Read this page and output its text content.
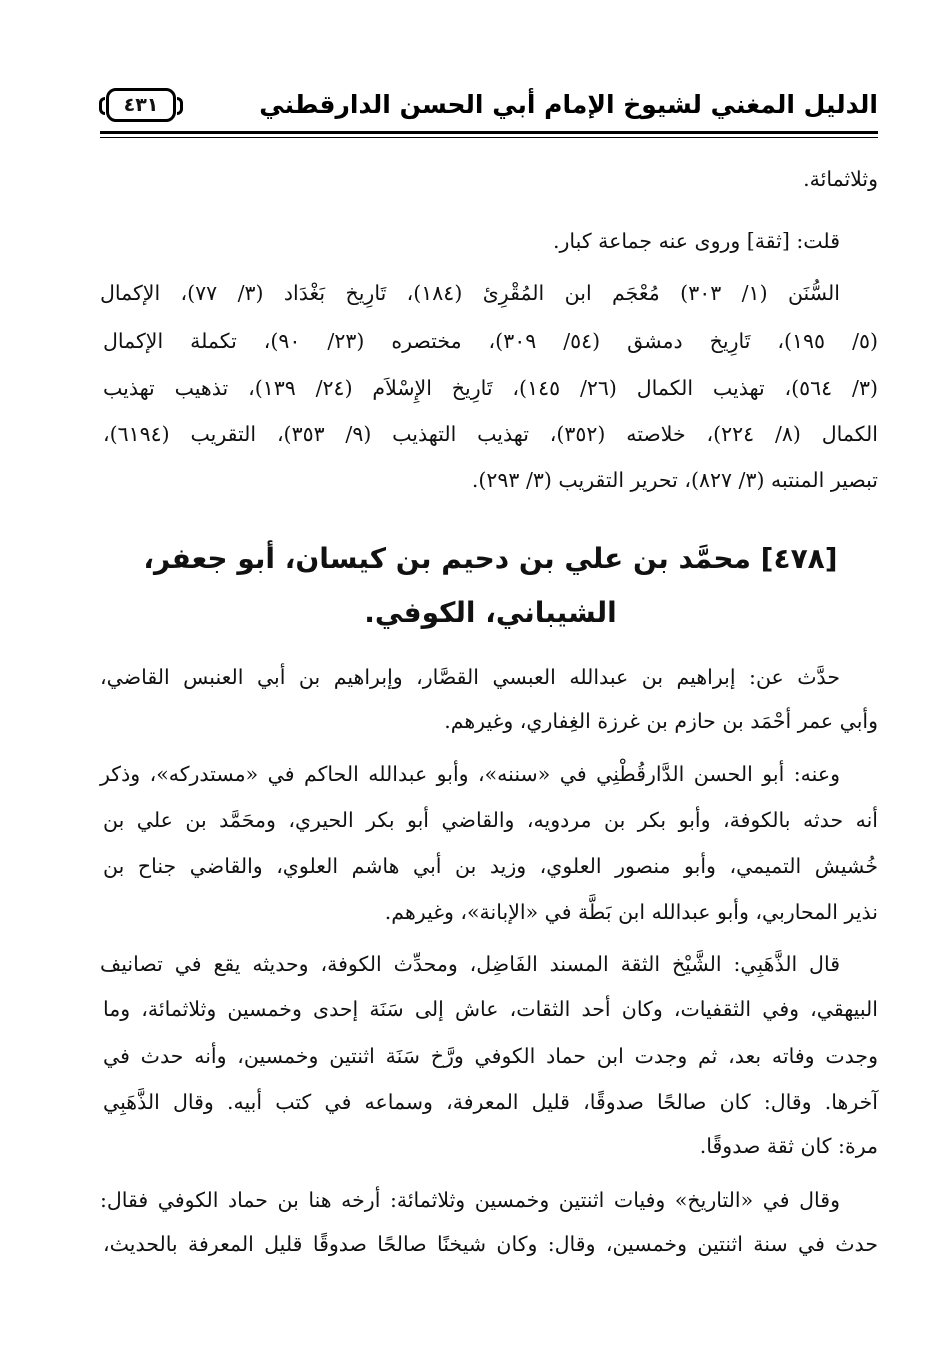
الدليل المغني لشيوخ الإمام أبي الحسن الدارقطني
٤٣١
وثلاثمائة.
قلت: [ثقة] وروى عنه جماعة كبار.
السُّنَن (١/ ٣٠٣) مُعْجَم ابن المُقْرِئ (١٨٤)، تَارِيخ بَغْدَاد (٣/ ٧٧)، الإكمال
(٥/ ١٩٥)، تَارِيخ دمشق (٥٤/ ٣٠٩)، مختصره (٢٣/ ٩٠)، تكملة الإكمال
(٣/ ٥٦٤)، تهذيب الكمال (٢٦/ ١٤٥)، تَارِيخ الإِسْلاَم (٢٤/ ١٣٩)، تذهيب تهذيب
الكمال (٨/ ٢٢٤)، خلاصته (٣٥٢)، تهذيب التهذيب (٩/ ٣٥٣)، التقريب (٦١٩٤)،
تبصير المنتبه (٣/ ٨٢٧)، تحرير التقريب (٣/ ٢٩٣).
[٤٧٨] محمَّد بن علي بن دحيم بن كيسان، أبو جعفر،
الشيباني، الكوفي.
حدَّث عن: إبراهيم بن عبدالله العبسي القصَّار، وإبراهيم بن أبي العنبس القاضي،
وأبي عمر أحْمَد بن حازم بن غرزة الغِفاري، وغيرهم.
وعنه: أبو الحسن الدَّارقُطْنِي في «سننه»، وأبو عبدالله الحاكم في «مستدركه»، وذكر
أنه حدثه بالكوفة، وأبو بكر بن مردويه، والقاضي أبو بكر الحيري، ومحَمَّد بن علي بن
خُشيش التميمي، وأبو منصور العلوي، وزيد بن أبي هاشم العلوي، والقاضي جناح بن
نذير المحاربي، وأبو عبدالله ابن بَطَّة في «الإبانة»، وغيرهم.
قال الذَّهَبِي: الشَّيْخ الثقة المسند الفَاضِل، ومحدِّث الكوفة، وحديثه يقع في تصانيف
البيهقي، وفي الثقفيات، وكان أحد الثقات، عاش إلى سَنَة إحدى وخمسين وثلاثمائة، وما
وجدت وفاته بعد، ثم وجدت ابن حماد الكوفي ورَّخ سَنَة اثنتين وخمسين، وأنه حدث في
آخرها. وقال: كان صالحًا صدوقًا، قليل المعرفة، وسماعه في كتب أبيه. وقال الذَّهَبِي
مرة: كان ثقة صدوقًا.
وقال في «التاريخ» وفيات اثنتين وخمسين وثلاثمائة: أرخه هنا بن حماد الكوفي فقال:
حدث في سنة اثنتين وخمسين، وقال: وكان شيخنًا صالحًا صدوقًا قليل المعرفة بالحديث،
